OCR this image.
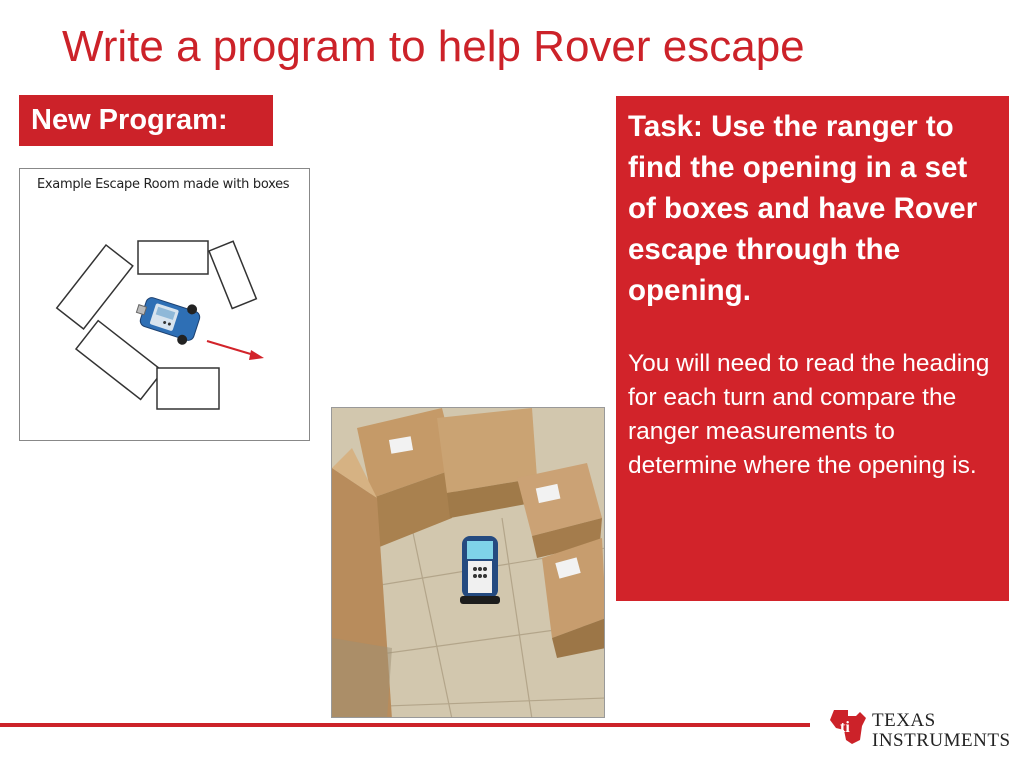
Write a program to help Rover escape
New Program:
Example Escape Room made with boxes
Task: Use the ranger to find the opening in a set of boxes and have Rover escape through the opening.
You will need to read the heading for each turn and compare the ranger measurements to determine where the opening is.
ti TEXAS
INSTRUMENTS
